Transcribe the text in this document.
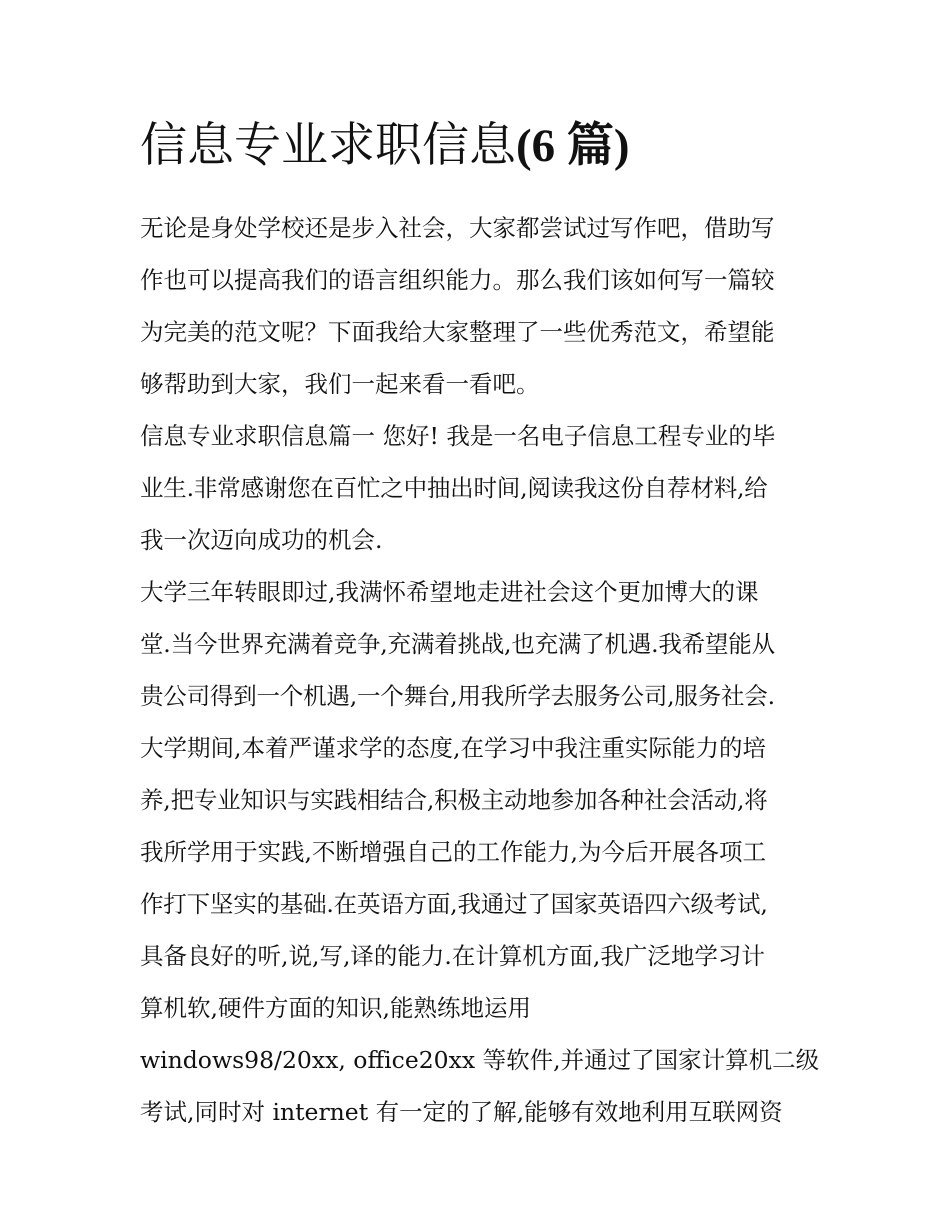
信息专业求职信息(6 篇)
无论是身处学校还是步入社会，大家都尝试过写作吧，借助写
作也可以提高我们的语言组织能力。那么我们该如何写一篇较
为完美的范文呢？下面我给大家整理了一些优秀范文，希望能
够帮助到大家，我们一起来看一看吧。
信息专业求职信息篇一 您好! 我是一名电子信息工程专业的毕
业生.非常感谢您在百忙之中抽出时间,阅读我这份自荐材料,给
我一次迈向成功的机会.
大学三年转眼即过,我满怀希望地走进社会这个更加博大的课
堂.当今世界充满着竞争,充满着挑战,也充满了机遇.我希望能从
贵公司得到一个机遇,一个舞台,用我所学去服务公司,服务社会.
大学期间,本着严谨求学的态度,在学习中我注重实际能力的培
养,把专业知识与实践相结合,积极主动地参加各种社会活动,将
我所学用于实践,不断增强自己的工作能力,为今后开展各项工
作打下坚实的基础.在英语方面,我通过了国家英语四六级考试,
具备良好的听,说,写,译的能力.在计算机方面,我广泛地学习计
算机软,硬件方面的知识,能熟练地运用
windows98/20xx, office20xx 等软件,并通过了国家计算机二级
考试,同时对 internet 有一定的了解,能够有效地利用互联网资
